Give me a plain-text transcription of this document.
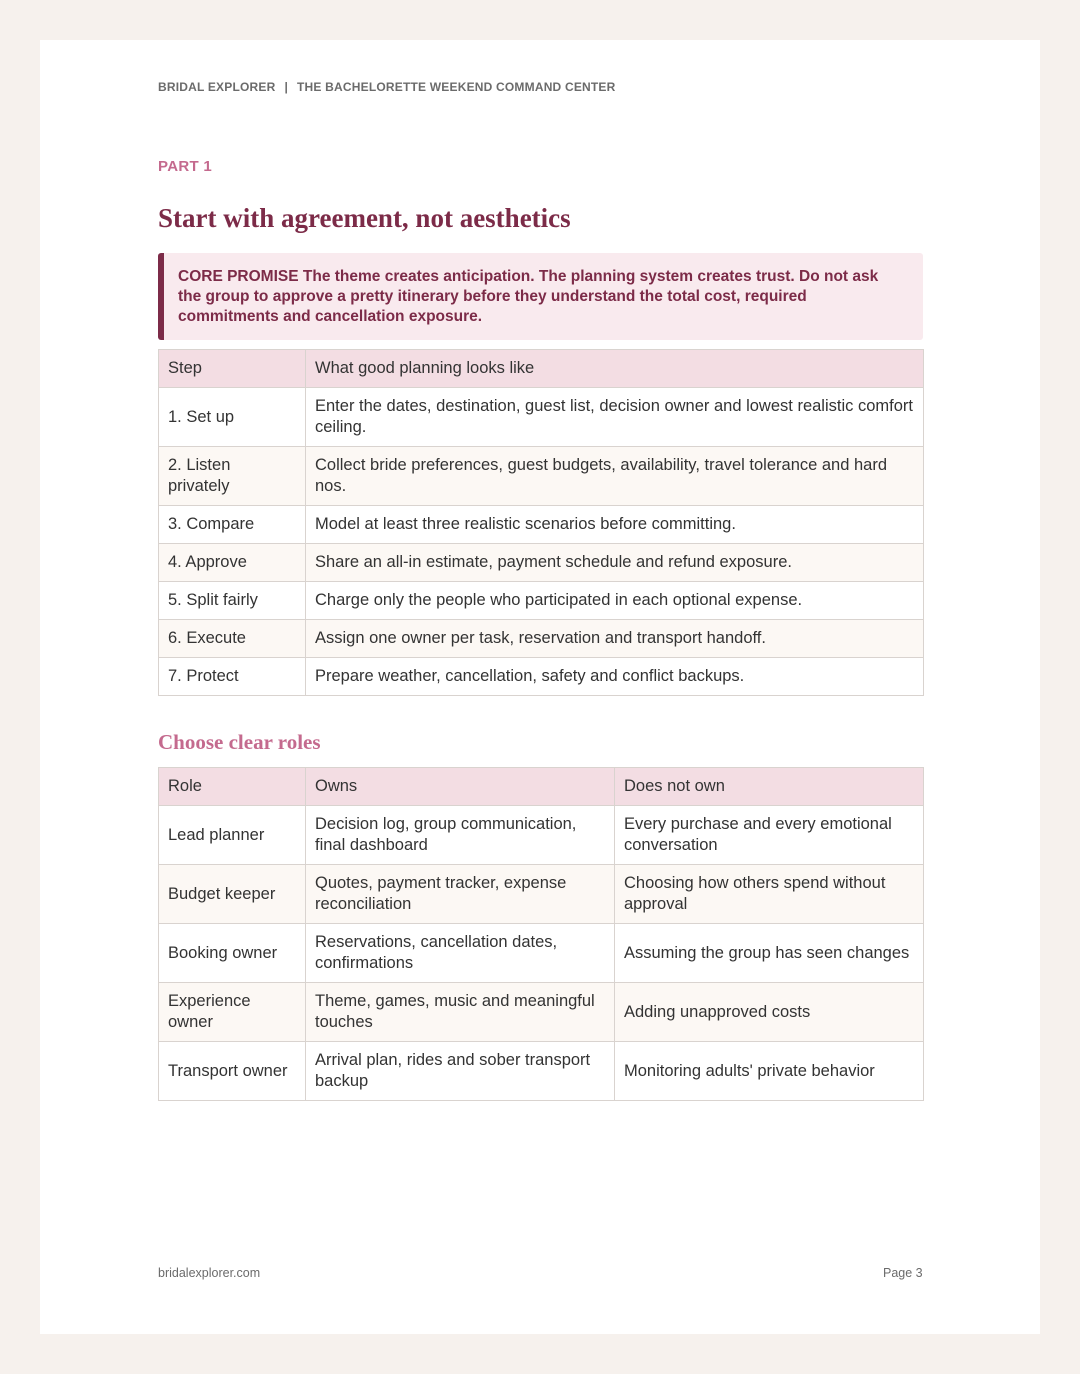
BRIDAL EXPLORER | THE BACHELORETTE WEEKEND COMMAND CENTER
PART 1
Start with agreement, not aesthetics
CORE PROMISE The theme creates anticipation. The planning system creates trust. Do not ask the group to approve a pretty itinerary before they understand the total cost, required commitments and cancellation exposure.
Step	What good planning looks like
1. Set up	Enter the dates, destination, guest list, decision owner and lowest realistic comfort ceiling.
2. Listen privately	Collect bride preferences, guest budgets, availability, travel tolerance and hard nos.
3. Compare	Model at least three realistic scenarios before committing.
4. Approve	Share an all-in estimate, payment schedule and refund exposure.
5. Split fairly	Charge only the people who participated in each optional expense.
6. Execute	Assign one owner per task, reservation and transport handoff.
7. Protect	Prepare weather, cancellation, safety and conflict backups.
Choose clear roles
Role	Owns	Does not own
Lead planner	Decision log, group communication, final dashboard	Every purchase and every emotional conversation
Budget keeper	Quotes, payment tracker, expense reconciliation	Choosing how others spend without approval
Booking owner	Reservations, cancellation dates, confirmations	Assuming the group has seen changes
Experience owner	Theme, games, music and meaningful touches	Adding unapproved costs
Transport owner	Arrival plan, rides and sober transport backup	Monitoring adults' private behavior
bridalexplorer.com	Page 3
